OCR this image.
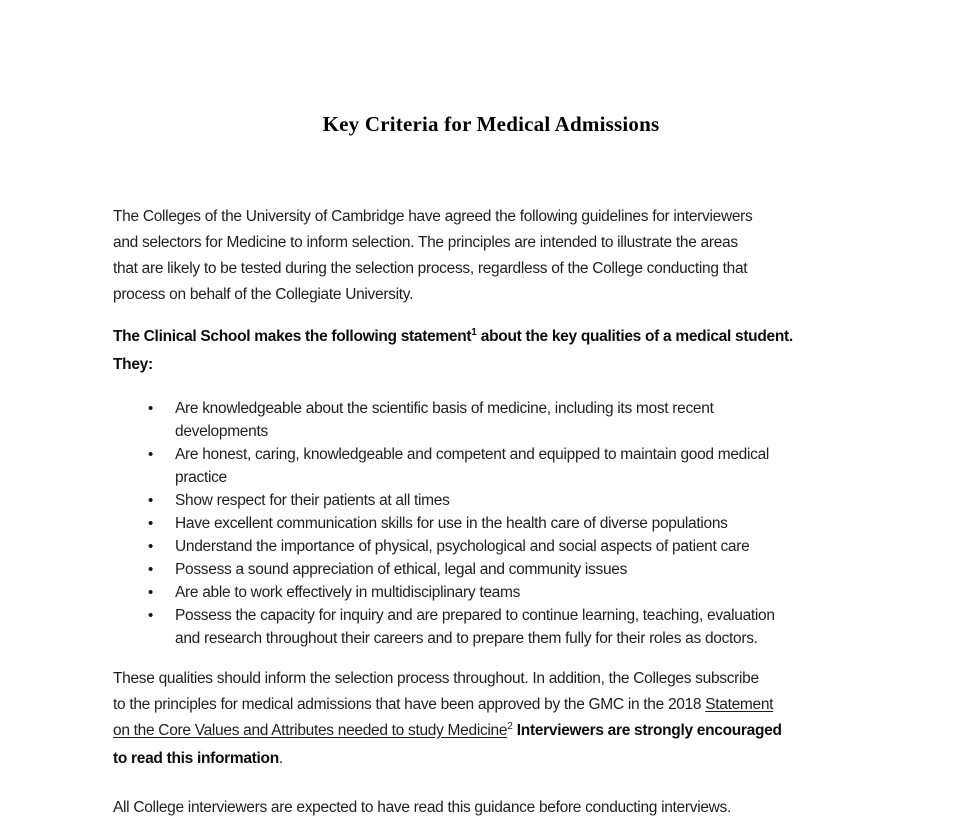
Key Criteria for Medical Admissions
The Colleges of the University of Cambridge have agreed the following guidelines for interviewers
and selectors for Medicine to inform selection. The principles are intended to illustrate the areas
that are likely to be tested during the selection process, regardless of the College conducting that
process on behalf of the Collegiate University.
The Clinical School makes the following statement$^1$ about the key qualities of a medical student.
They:
• Are knowledgeable about the scientific basis of medicine, including its most recent
developments
• Are honest, caring, knowledgeable and competent and equipped to maintain good medical
practice
• Show respect for their patients at all times
• Have excellent communication skills for use in the health care of diverse populations
• Understand the importance of physical, psychological and social aspects of patient care
• Possess a sound appreciation of ethical, legal and community issues
• Are able to work effectively in multidisciplinary teams
• Possess the capacity for inquiry and are prepared to continue learning, teaching, evaluation
and research throughout their careers and to prepare them fully for their roles as doctors.
These qualities should inform the selection process throughout. In addition, the Colleges subscribe
to the principles for medical admissions that have been approved by the GMC in the 2018 Statement
on the Core Values and Attributes needed to study Medicine$^2$ Interviewers are strongly encouraged
to read this information.
All College interviewers are expected to have read this guidance before conducting interviews.
